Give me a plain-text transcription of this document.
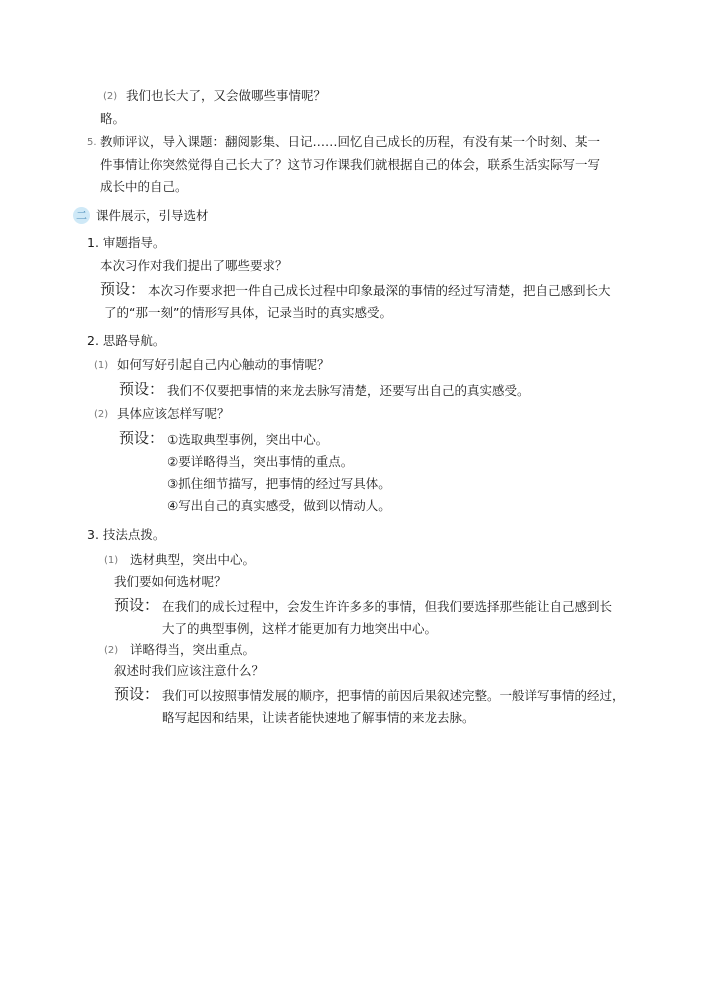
(2) 我们也长大了，又会做哪些事情呢？
略。
5. 教师评议，导入课题：翻阅影集、日记……回忆自己成长的历程，有没有某一个时刻、某一
件事情让你突然觉得自己长大了？这节习作课我们就根据自己的体会，联系生活实际写一写
成长中的自己。
二 课件展示，引导选材
1. 审题指导。
本次习作对我们提出了哪些要求？
预设： 本次习作要求把一件自己成长过程中印象最深的事情的经过写清楚，把自己感到长大
了的“那一刻”的情形写具体，记录当时的真实感受。
2. 思路导航。
(1) 如何写好引起自己内心触动的事情呢？
预设： 我们不仅要把事情的来龙去脉写清楚，还要写出自己的真实感受。
(2) 具体应该怎样写呢？
预设： ①选取典型事例，突出中心。
②要详略得当，突出事情的重点。
③抓住细节描写，把事情的经过写具体。
④写出自己的真实感受，做到以情动人。
3. 技法点拨。
(1) 选材典型，突出中心。
我们要如何选材呢？
预设： 在我们的成长过程中，会发生许许多多的事情，但我们要选择那些能让自己感到长
大了的典型事例，这样才能更加有力地突出中心。
(2) 详略得当，突出重点。
叙述时我们应该注意什么？
预设： 我们可以按照事情发展的顺序，把事情的前因后果叙述完整。一般详写事情的经过，
略写起因和结果，让读者能快速地了解事情的来龙去脉。
